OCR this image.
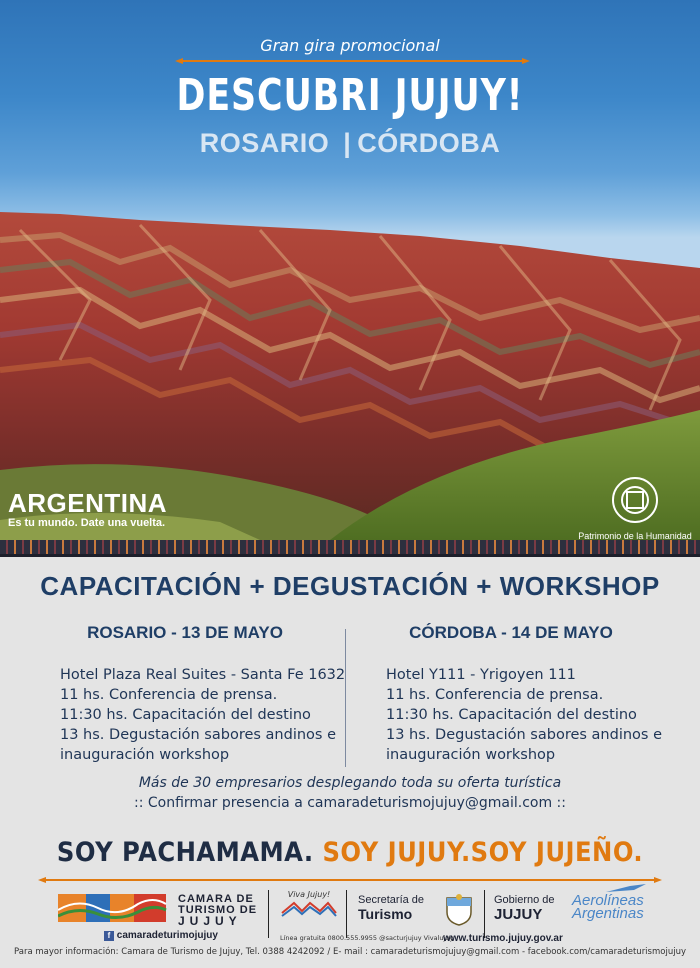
Gran gira promocional
DESCUBRI JUJUY!
ROSARIO | CÓRDOBA
ARGENTINA
Es tu mundo. Date una vuelta.
Patrimonio de la Humanidad
CAPACITACIÓN + DEGUSTACIÓN + WORKSHOP
ROSARIO - 13 DE MAYO
Hotel Plaza Real Suites - Santa Fe 1632
11 hs. Conferencia de prensa.
11:30 hs. Capacitación del destino
13 hs. Degustación sabores andinos e
inauguración workshop
CÓRDOBA - 14 DE MAYO
Hotel Y111 - Yrigoyen 111
11 hs. Conferencia de prensa.
11:30 hs. Capacitación del destino
13 hs. Degustación sabores andinos e
inauguración workshop
Más de 30 empresarios desplegando toda su oferta turística
:: Confirmar presencia a camaradeturismojujuy@gmail.com ::
SOY PACHAMAMA. SOY JUJUY.SOY JUJEÑO.
CAMARA DE
TURISMO DE
JUJUY
f camaradeturimojujuy
Viva Jujuy!	Secretaría de
Turismo
Gobierno de
JUJUY
Aerolíneas
Argentinas
Línea gratuita 0800.555.9955 @sacturjujuy Vivalujuy
www.turismo.jujuy.gov.ar
Para mayor información: Camara de Turismo de Jujuy, Tel. 0388 4242092 / E- mail : camaradeturismojujuy@gmail.com - facebook.com/camaradeturismojujuy
